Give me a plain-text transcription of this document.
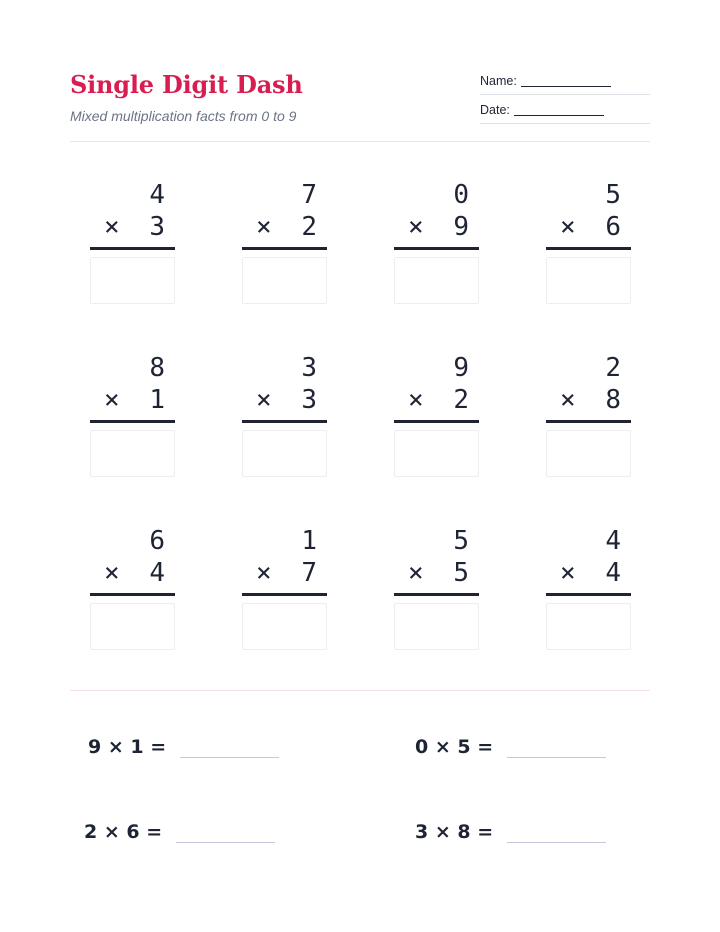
Single Digit Dash
Mixed multiplication facts from 0 to 9
Name:
Date:
4
× 3
7
× 2
0
× 9
5
× 6
8
× 1
3
× 3
9
× 2
2
× 8
6
× 4
1
× 7
5
× 5
4
× 4
9 × 1 =	0 × 5 =
2 × 6 =	3 × 8 =
